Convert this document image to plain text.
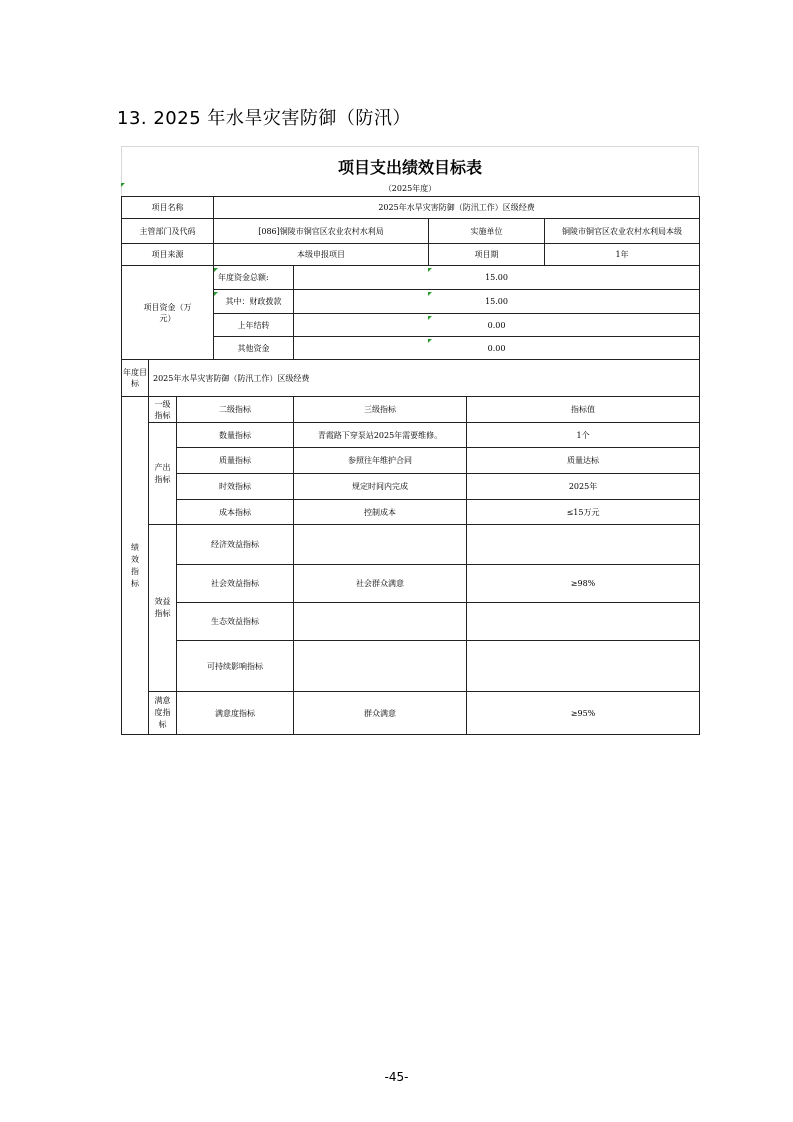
13. 2025 年水旱灾害防御（防汛）
项目支出绩效目标表
（2025年度）
项目名称			2025年水旱灾害防御（防汛工作）区级经费				
主管部门及代码			[086]铜陵市铜官区农业农村水利局		实施单位		铜陵市铜官区农业农村水利局本级
项目来源			本级申报项目		项目期		1年
项目资金（万元）			年度资金总额:	15.00			
			其中：财政拨款	15.00			
			上年结转	0.00			
			其他资金	0.00			
年度目标	2025年水旱灾害防御（防汛工作）区级经费						
绩效指标	一级指标	二级指标		三级指标		指标值	
	产出指标	数量指标		青霞路下穿泵站2025年需要维修。		1个	
		质量指标		参照往年维护合同		质量达标	
		时效指标		规定时间内完成		2025年	
		成本指标		控制成本		≤15万元	
	效益指标	经济效益指标					
		社会效益指标		社会群众满意		≥98%	
		生态效益指标					
		可持续影响指标					
	满意度指标	满意度指标		群众满意		≥95%	
-45-
